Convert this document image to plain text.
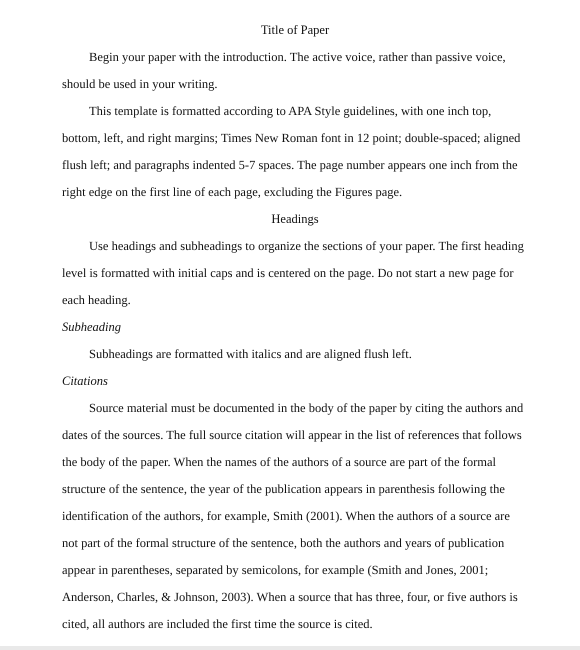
Title of Paper

Begin your paper with the introduction. The active voice, rather than passive voice, should be used in your writing.

This template is formatted according to APA Style guidelines, with one inch top, bottom, left, and right margins; Times New Roman font in 12 point; double-spaced; aligned flush left; and paragraphs indented 5-7 spaces. The page number appears one inch from the right edge on the first line of each page, excluding the Figures page.

Headings

Use headings and subheadings to organize the sections of your paper. The first heading level is formatted with initial caps and is centered on the page. Do not start a new page for each heading.

Subheading

Subheadings are formatted with italics and are aligned flush left.

Citations

Source material must be documented in the body of the paper by citing the authors and dates of the sources. The full source citation will appear in the list of references that follows the body of the paper. When the names of the authors of a source are part of the formal structure of the sentence, the year of the publication appears in parenthesis following the identification of the authors, for example, Smith (2001). When the authors of a source are not part of the formal structure of the sentence, both the authors and years of publication appear in parentheses, separated by semicolons, for example (Smith and Jones, 2001; Anderson, Charles, & Johnson, 2003). When a source that has three, four, or five authors is cited, all authors are included the first time the source is cited.
